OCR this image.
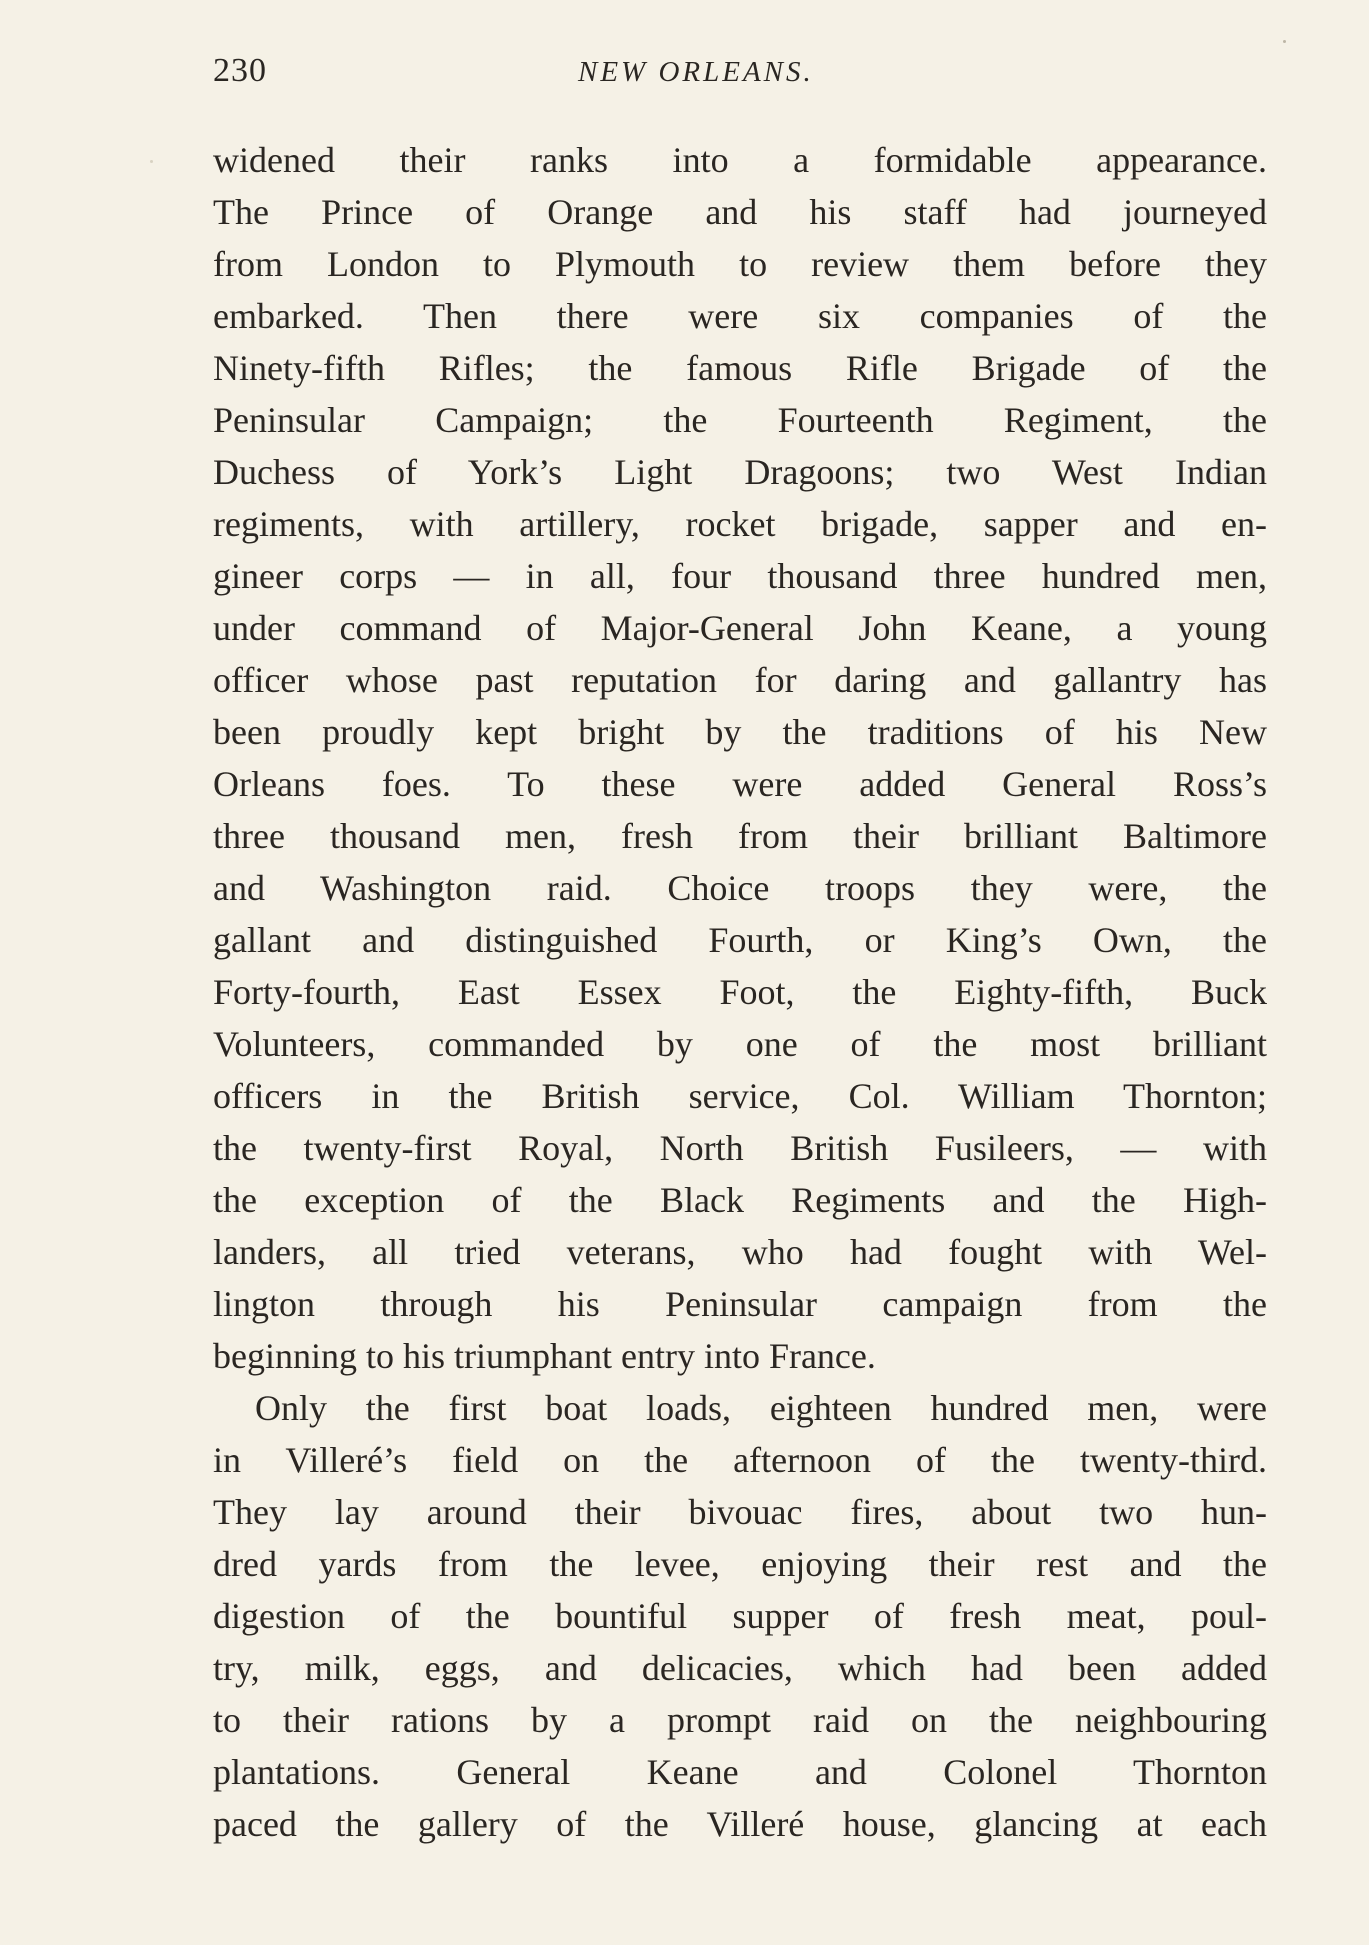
230	NEW ORLEANS.
widened their ranks into a formidable appearance.
The Prince of Orange and his staff had journeyed
from London to Plymouth to review them before they
embarked. Then there were six companies of the
Ninety-fifth Rifles; the famous Rifle Brigade of the
Peninsular Campaign; the Fourteenth Regiment, the
Duchess of York’s Light Dragoons; two West Indian
regiments, with artillery, rocket brigade, sapper and en-
gineer corps — in all, four thousand three hundred men,
under command of Major-General John Keane, a young
officer whose past reputation for daring and gallantry has
been proudly kept bright by the traditions of his New
Orleans foes. To these were added General Ross’s
three thousand men, fresh from their brilliant Baltimore
and Washington raid. Choice troops they were, the
gallant and distinguished Fourth, or King’s Own, the
Forty-fourth, East Essex Foot, the Eighty-fifth, Buck
Volunteers, commanded by one of the most brilliant
officers in the British service, Col. William Thornton;
the twenty-first Royal, North British Fusileers, — with
the exception of the Black Regiments and the High-
landers, all tried veterans, who had fought with Wel-
lington through his Peninsular campaign from the
beginning to his triumphant entry into France.
Only the first boat loads, eighteen hundred men, were
in Villeré’s field on the afternoon of the twenty-third.
They lay around their bivouac fires, about two hun-
dred yards from the levee, enjoying their rest and the
digestion of the bountiful supper of fresh meat, poul-
try, milk, eggs, and delicacies, which had been added
to their rations by a prompt raid on the neighbouring
plantations. General Keane and Colonel Thornton
paced the gallery of the Villeré house, glancing at each
